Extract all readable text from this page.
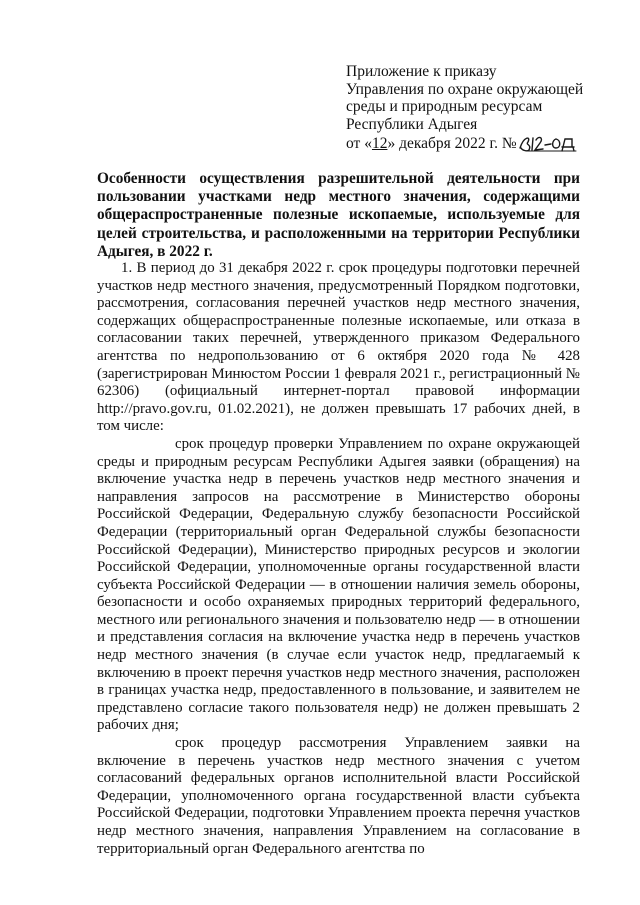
Приложение к приказу
Управления по охране окружающей
среды и природным ресурсам
Республики Адыгея
от «12» декабря 2022 г. №
Особенности осуществления разрешительной деятельности при пользовании участками недр местного значения, содержащими общераспространенные полезные ископаемые, используемые для целей строительства, и расположенными на территории Республики Адыгея, в 2022 г.

1. В период до 31 декабря 2022 г. срок процедуры подготовки перечней участков недр местного значения, предусмотренный Порядком подготовки, рассмотрения, согласования перечней участков недр местного значения, содержащих общераспространенные полезные ископаемые, или отказа в согласовании таких перечней, утвержденного приказом Федерального агентства по недропользованию от 6 октября 2020 года № 428 (зарегистрирован Минюстом России 1 февраля 2021 г., регистрационный № 62306) (официальный интернет-портал правовой информации http://pravo.gov.ru, 01.02.2021), не должен превышать 17 рабочих дней, в том числе:

срок процедур проверки Управлением по охране окружающей среды и природным ресурсам Республики Адыгея заявки (обращения) на включение участка недр в перечень участков недр местного значения и направления запросов на рассмотрение в Министерство обороны Российской Федерации, Федеральную службу безопасности Российской Федерации (территориальный орган Федеральной службы безопасности Российской Федерации), Министерство природных ресурсов и экологии Российской Федерации, уполномоченные органы государственной власти субъекта Российской Федерации — в отношении наличия земель обороны, безопасности и особо охраняемых природных территорий федерального, местного или регионального значения и пользователю недр — в отношении и представления согласия на включение участка недр в перечень участков недр местного значения (в случае если участок недр, предлагаемый к включению в проект перечня участков недр местного значения, расположен в границах участка недр, предоставленного в пользование, и заявителем не представлено согласие такого пользователя недр) не должен превышать 2 рабочих дня;

срок процедур рассмотрения Управлением заявки на включение в перечень участков недр местного значения с учетом согласований федеральных органов исполнительной власти Российской Федерации, уполномоченного органа государственной власти субъекта Российской Федерации, подготовки Управлением проекта перечня участков недр местного значения, направления Управлением на согласование в территориальный орган Федерального агентства по
